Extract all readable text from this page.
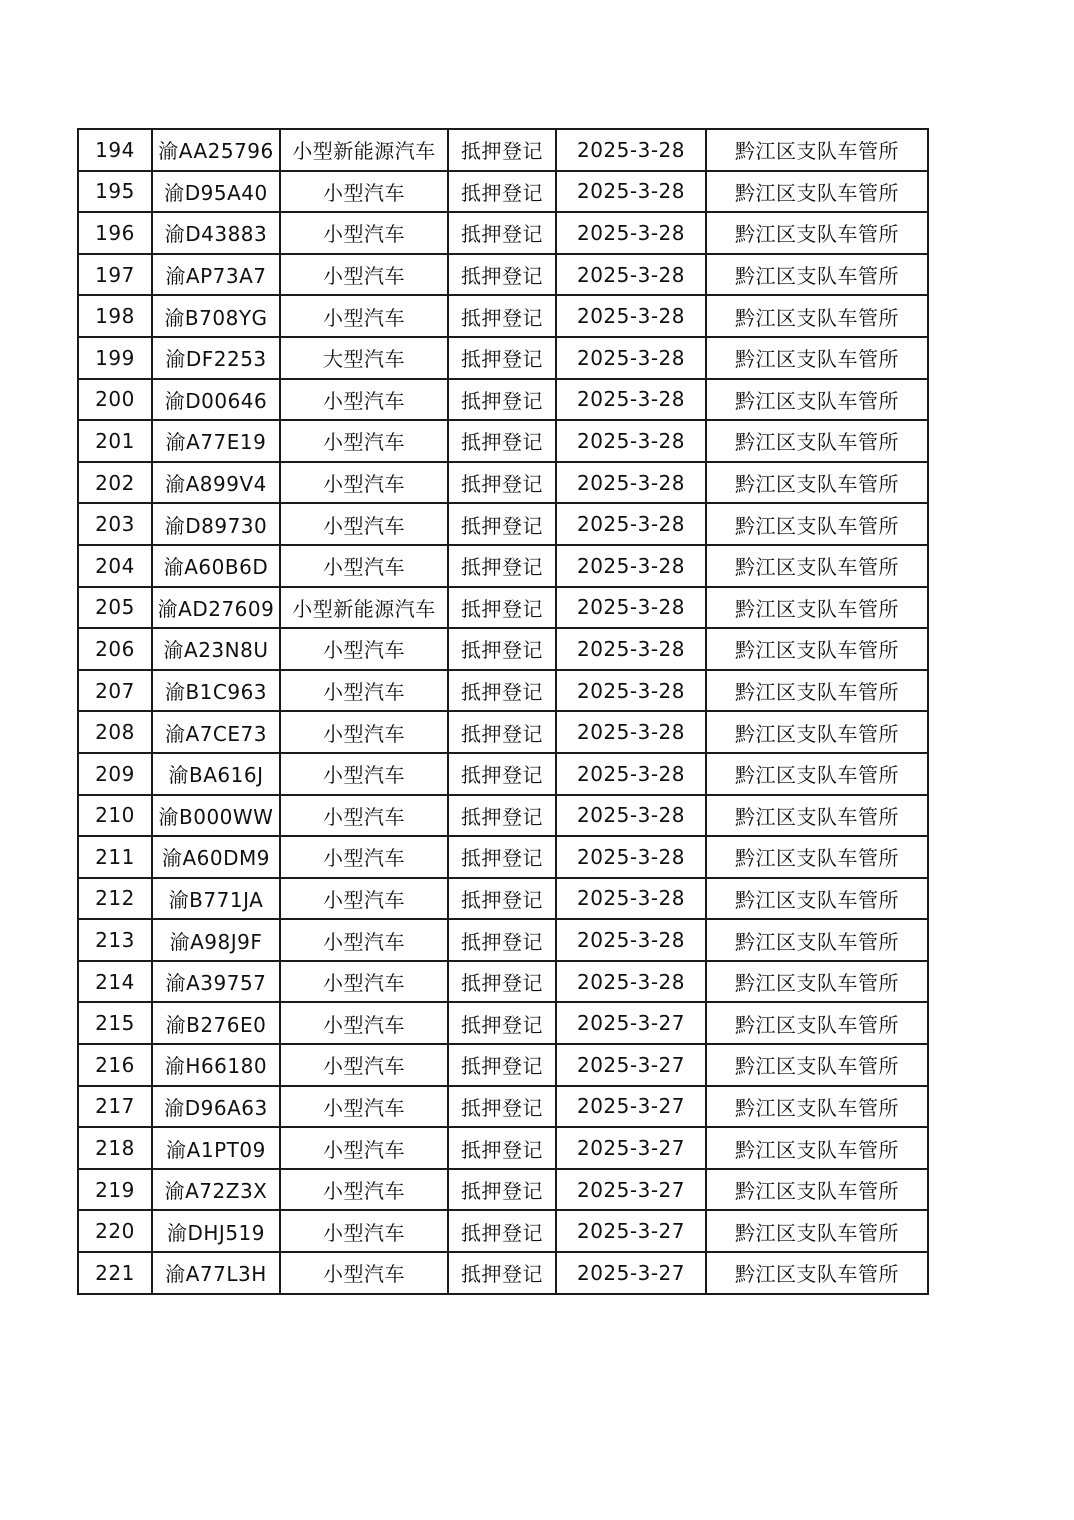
194	渝AA25796	小型新能源汽车	抵押登记	2025-3-28	黔江区支队车管所
195	渝D95A40	小型汽车	抵押登记	2025-3-28	黔江区支队车管所
196	渝D43883	小型汽车	抵押登记	2025-3-28	黔江区支队车管所
197	渝AP73A7	小型汽车	抵押登记	2025-3-28	黔江区支队车管所
198	渝B708YG	小型汽车	抵押登记	2025-3-28	黔江区支队车管所
199	渝DF2253	大型汽车	抵押登记	2025-3-28	黔江区支队车管所
200	渝D00646	小型汽车	抵押登记	2025-3-28	黔江区支队车管所
201	渝A77E19	小型汽车	抵押登记	2025-3-28	黔江区支队车管所
202	渝A899V4	小型汽车	抵押登记	2025-3-28	黔江区支队车管所
203	渝D89730	小型汽车	抵押登记	2025-3-28	黔江区支队车管所
204	渝A60B6D	小型汽车	抵押登记	2025-3-28	黔江区支队车管所
205	渝AD27609	小型新能源汽车	抵押登记	2025-3-28	黔江区支队车管所
206	渝A23N8U	小型汽车	抵押登记	2025-3-28	黔江区支队车管所
207	渝B1C963	小型汽车	抵押登记	2025-3-28	黔江区支队车管所
208	渝A7CE73	小型汽车	抵押登记	2025-3-28	黔江区支队车管所
209	渝BA616J	小型汽车	抵押登记	2025-3-28	黔江区支队车管所
210	渝B000WW	小型汽车	抵押登记	2025-3-28	黔江区支队车管所
211	渝A60DM9	小型汽车	抵押登记	2025-3-28	黔江区支队车管所
212	渝B771JA	小型汽车	抵押登记	2025-3-28	黔江区支队车管所
213	渝A98J9F	小型汽车	抵押登记	2025-3-28	黔江区支队车管所
214	渝A39757	小型汽车	抵押登记	2025-3-28	黔江区支队车管所
215	渝B276E0	小型汽车	抵押登记	2025-3-27	黔江区支队车管所
216	渝H66180	小型汽车	抵押登记	2025-3-27	黔江区支队车管所
217	渝D96A63	小型汽车	抵押登记	2025-3-27	黔江区支队车管所
218	渝A1PT09	小型汽车	抵押登记	2025-3-27	黔江区支队车管所
219	渝A72Z3X	小型汽车	抵押登记	2025-3-27	黔江区支队车管所
220	渝DHJ519	小型汽车	抵押登记	2025-3-27	黔江区支队车管所
221	渝A77L3H	小型汽车	抵押登记	2025-3-27	黔江区支队车管所
